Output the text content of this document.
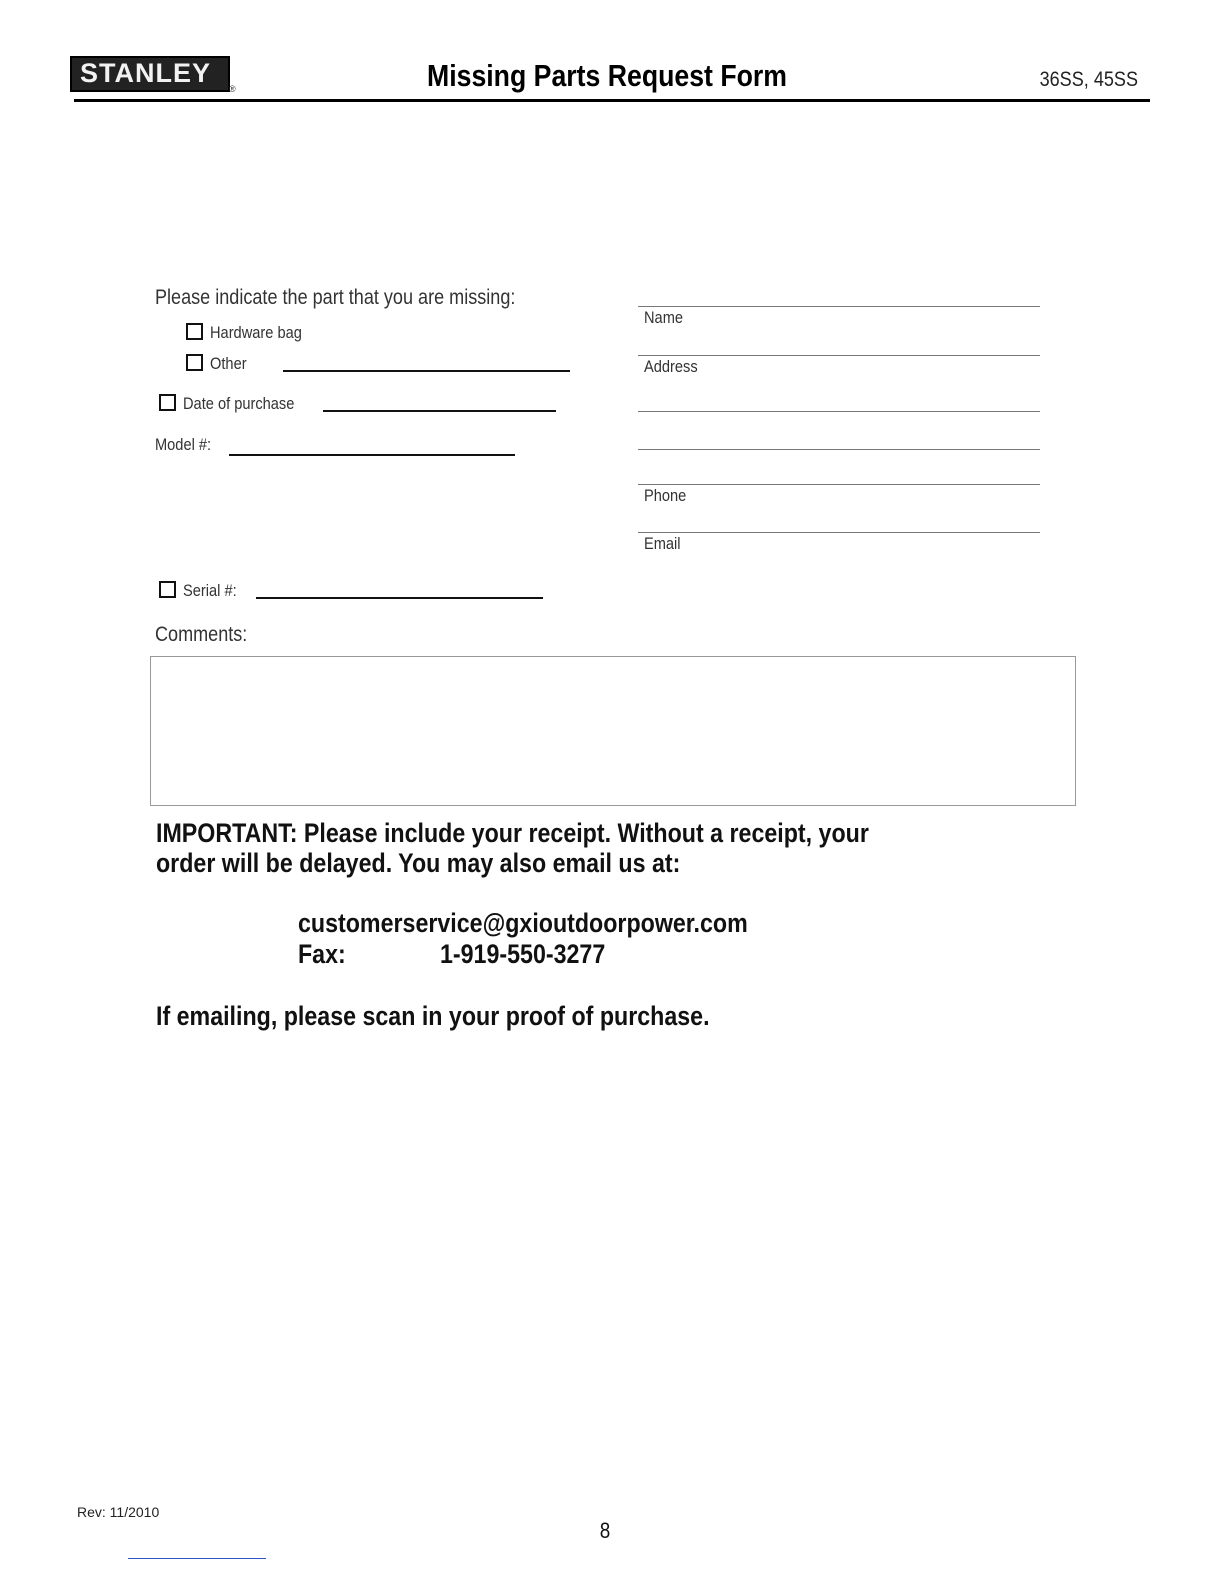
STANLEY
®	Missing Parts Request Form	36SS, 45SS
Please indicate the part that you are missing:
Hardware bag
Other
Date of purchase
Model #:
Serial #:
Name
Address
Phone
Email
Comments:
IMPORTANT: Please include your receipt. Without a receipt, your
order will be delayed. You may also email us at:
customerservice@gxioutdoorpower.com
Fax:	1-919-550-3277
If emailing, please scan in your proof of purchase.
Rev: 11/2010
8
